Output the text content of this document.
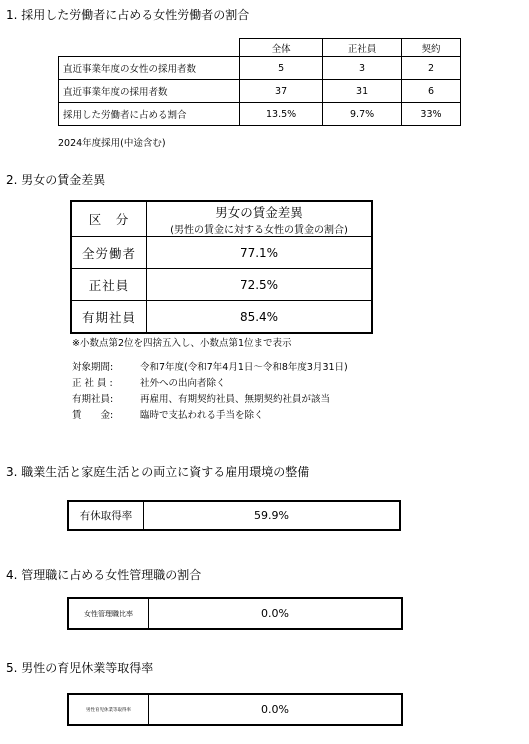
1. 採用した労働者に占める女性労働者の割合
	全体	正社員	契約
直近事業年度の女性の採用者数	5	3	2
直近事業年度の採用者数	37	31	6
採用した労働者に占める割合	13.5%	9.7%	33%
2024年度採用(中途含む)
2. 男女の賃金差異
区　分	男女の賃金差異
(男性の賃金に対する女性の賃金の割合)

全労働者	77.1%
正社員	72.5%
有期社員	85.4%
※小数点第2位を四捨五入し、小数点第1位まで表示
対象期間:	令和7年度(令和7年4月1日～令和8年度3月31日)
正 社 員 :	社外への出向者除く
有期社員:	再雇用、有期契約社員、無期契約社員が該当
賃　　金:	臨時で支払われる手当を除く
3. 職業生活と家庭生活との両立に資する雇用環境の整備
有休取得率	59.9%
4. 管理職に占める女性管理職の割合
女性管理職比率	0.0%
5. 男性の育児休業等取得率
男性育児休業等取得率	0.0%
